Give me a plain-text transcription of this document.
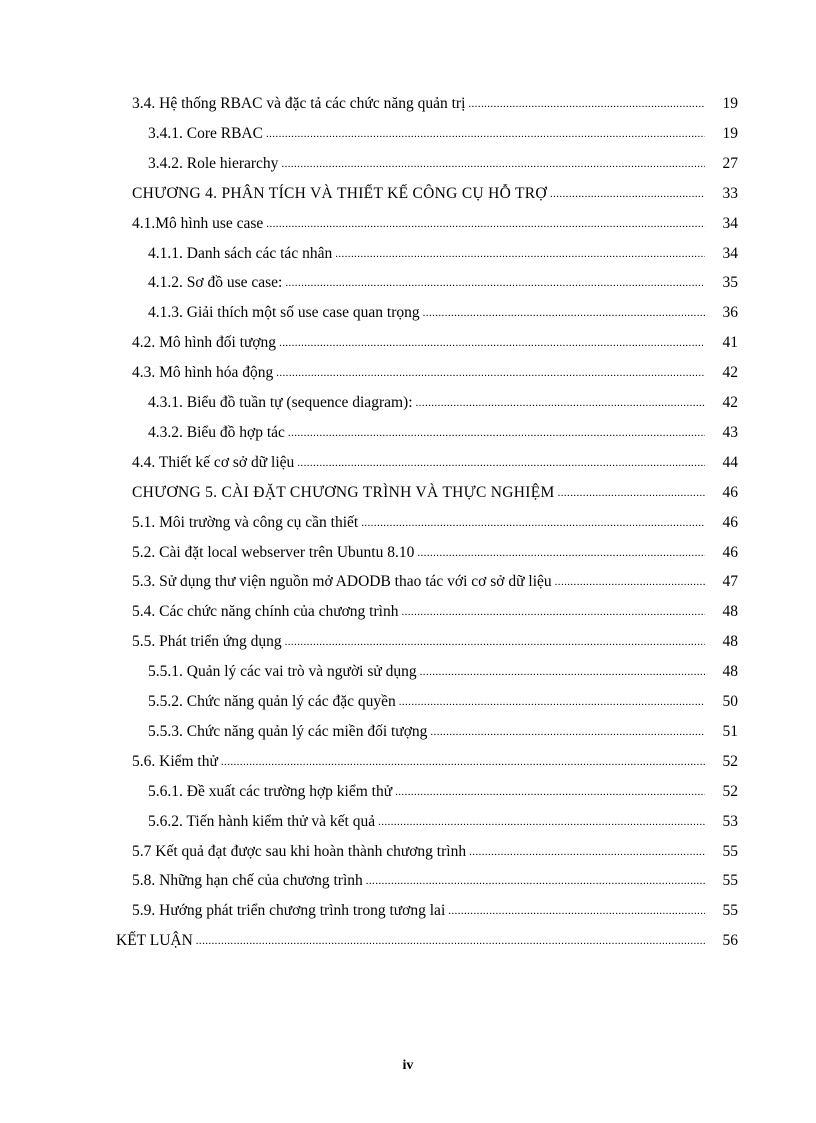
3.4. Hệ thống RBAC và đặc tả các chức năng quản trị .....	19
3.4.1. Core RBAC .....	19
3.4.2. Role hierarchy .....	27
CHƯƠNG 4. PHÂN TÍCH VÀ THIẾT KẾ CÔNG CỤ HỖ TRỢ .....	33
4.1.Mô hình use case .....	34
4.1.1. Danh sách các tác nhân .....	34
4.1.2. Sơ đồ use case: .....	35
4.1.3. Giải thích một số use case quan trọng .....	36
4.2. Mô hình đối tượng .....	41
4.3. Mô hình hóa động .....	42
4.3.1. Biểu đồ tuần tự (sequence diagram): .....	42
4.3.2. Biểu đồ hợp tác .....	43
4.4. Thiết kế cơ sở dữ liệu .....	44
CHƯƠNG 5. CÀI ĐẶT CHƯƠNG TRÌNH VÀ THỰC NGHIỆM .....	46
5.1. Môi trường và công cụ cần thiết .....	46
5.2. Cài đặt local webserver trên Ubuntu 8.10 .....	46
5.3. Sử dụng thư viện nguồn mở ADODB thao tác với cơ sở dữ liệu .....	47
5.4. Các chức năng chính của chương trình .....	48
5.5. Phát triển ứng dụng .....	48
5.5.1. Quản lý các vai trò và người sử dụng .....	48
5.5.2. Chức năng quản lý các đặc quyền .....	50
5.5.3. Chức năng quản lý các miền đối tượng .....	51
5.6. Kiểm thử .....	52
5.6.1. Đề xuất các trường hợp kiểm thử .....	52
5.6.2. Tiến hành kiểm thử và kết quả .....	53
5.7 Kết quả đạt được sau khi hoàn thành chương trình .....	55
5.8. Những hạn chế của chương trình .....	55
5.9. Hướng phát triển chương trình trong tương lai .....	55
KẾT LUẬN .....	56
iv
